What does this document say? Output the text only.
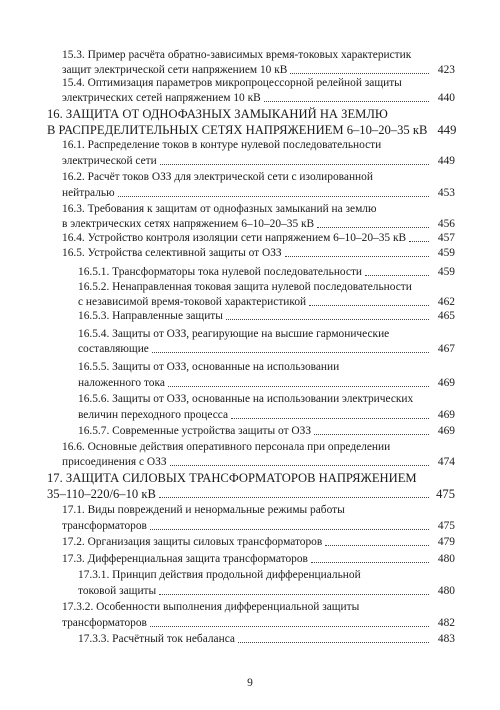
15.3. Пример расчёта обратно-зависимых время-токовых характеристик
защит электрической сети напряжением 10 кВ	423
15.4. Оптимизация параметров микропроцессорной релейной защиты
электрических сетей напряжением 10 кВ	440
16. ЗАЩИТА ОТ ОДНОФАЗНЫХ ЗАМЫКАНИЙ НА ЗЕМЛЮ
В РАСПРЕДЕЛИТЕЛЬНЫХ СЕТЯХ НАПРЯЖЕНИЕМ 6–10–20–35 кВ 449
16.1. Распределение токов в контуре нулевой последовательности
электрической сети	449
16.2. Расчёт токов ОЗЗ для электрической сети с изолированной
нейтралью	453
16.3. Требования к защитам от однофазных замыканий на землю
в электрических сетях напряжением 6–10–20–35 кВ	456
16.4. Устройство контроля изоляции сети напряжением 6–10–20–35 кВ	457
16.5. Устройства селективной защиты от ОЗЗ	459
16.5.1. Трансформаторы тока нулевой последовательности	459
16.5.2. Ненаправленная токовая защита нулевой последовательности
с независимой время-токовой характеристикой	462
16.5.3. Направленные защиты	465
16.5.4. Защиты от ОЗЗ, реагирующие на высшие гармонические
составляющие	467
16.5.5. Защиты от ОЗЗ, основанные на использовании
наложенного тока	469
16.5.6. Защиты от ОЗЗ, основанные на использовании электрических
величин переходного процесса	469
16.5.7. Современные устройства защиты от ОЗЗ	469
16.6. Основные действия оперативного персонала при определении
присоединения с ОЗЗ	474
17. ЗАЩИТА СИЛОВЫХ ТРАНСФОРМАТОРОВ НАПРЯЖЕНИЕМ
35–110–220/6–10 кВ	475
17.1. Виды повреждений и ненормальные режимы работы
трансформаторов	475
17.2. Организация защиты силовых трансформаторов	479
17.3. Дифференциальная защита трансформаторов	480
17.3.1. Принцип действия продольной дифференциальной
токовой защиты	480
17.3.2. Особенности выполнения дифференциальной защиты
трансформаторов	482
17.3.3. Расчётный ток небаланса	483
9
